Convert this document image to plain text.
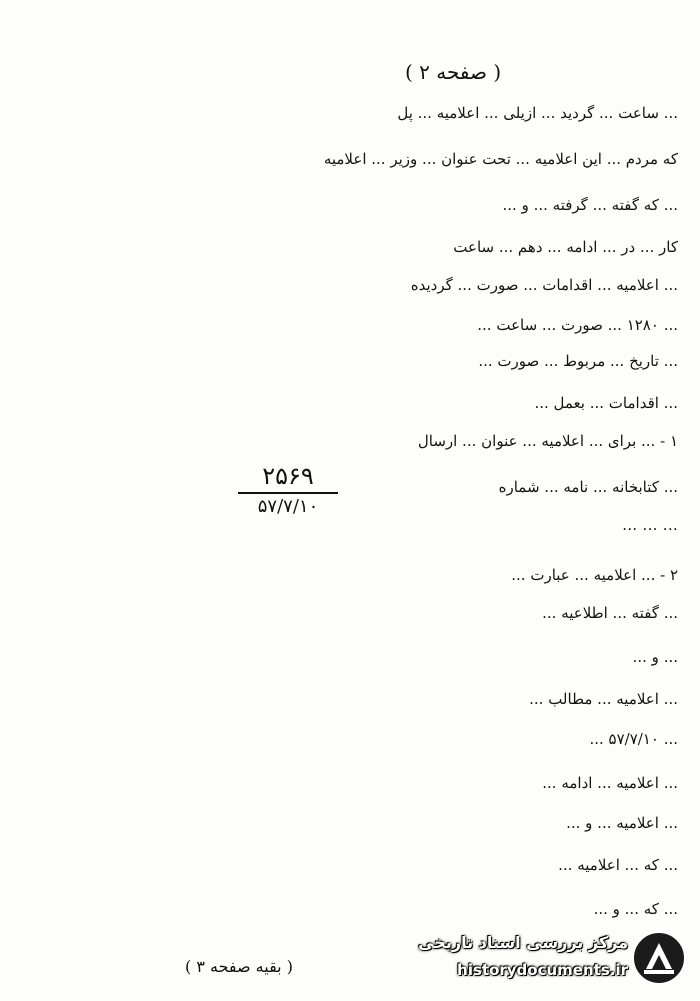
( صفحه ۲ )
... ساعت ... گردید ... ازیلی ... اعلامیه ... پل
که مردم ... این اعلامیه ... تحت عنوان ... وزیر ... اعلامیه
... که گفته ... گرفته ... و ...
کار ... در ... ادامه ... دهم ... ساعت
... اعلامیه ... اقدامات ... صورت ... گردیده
... ۱۲۸۰ ... صورت ... ساعت ...
... تاریخ ... مربوط ... صورت ...
... اقدامات ... بعمل ...
۱ - ... برای ... اعلامیه ... عنوان ... ارسال
... کتابخانه ... نامه ... شماره
... ... ...
۲۵۶۹
۵۷/۷/۱۰
۲ - ... اعلامیه ... عبارت ...
... گفته ... اطلاعیه ...
... و ...
... اعلامیه ... مطالب ...
... ۵۷/۷/۱۰ ...
... اعلامیه ... ادامه ...
... اعلامیه ... و ...
... که ... اعلامیه ...
... که ... و ...
( بقیه صفحه ۳ )
مرکز بررسی اسناد تاریخی
historydocuments.ir
